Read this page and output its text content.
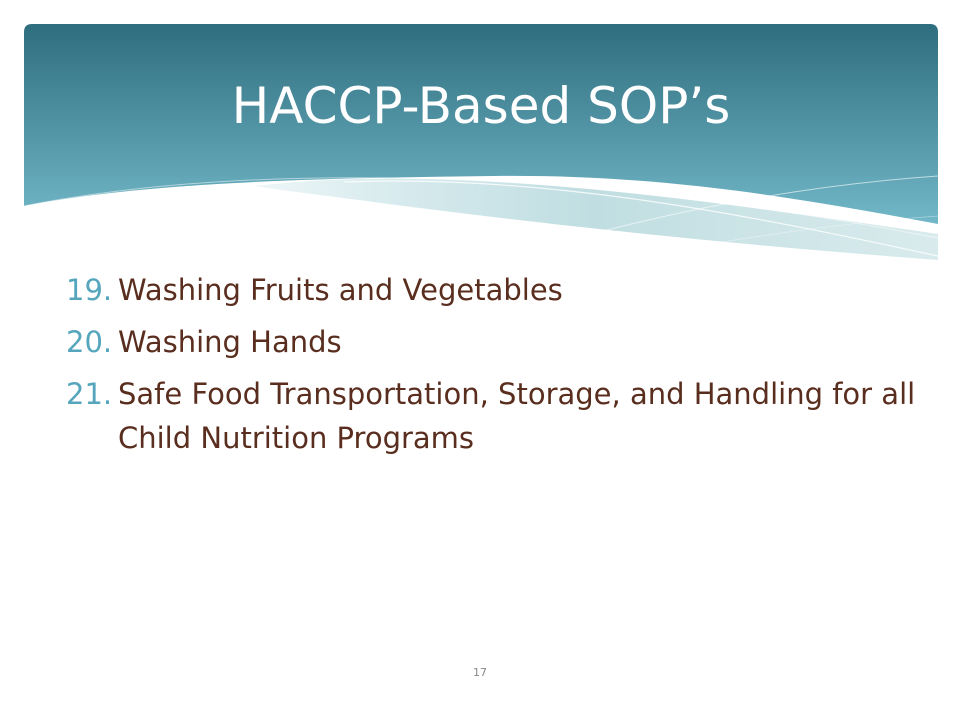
HACCP-Based SOP’s
19. Washing Fruits and Vegetables
20. Washing Hands
21. Safe Food Transportation, Storage, and Handling for all Child Nutrition Programs
17
